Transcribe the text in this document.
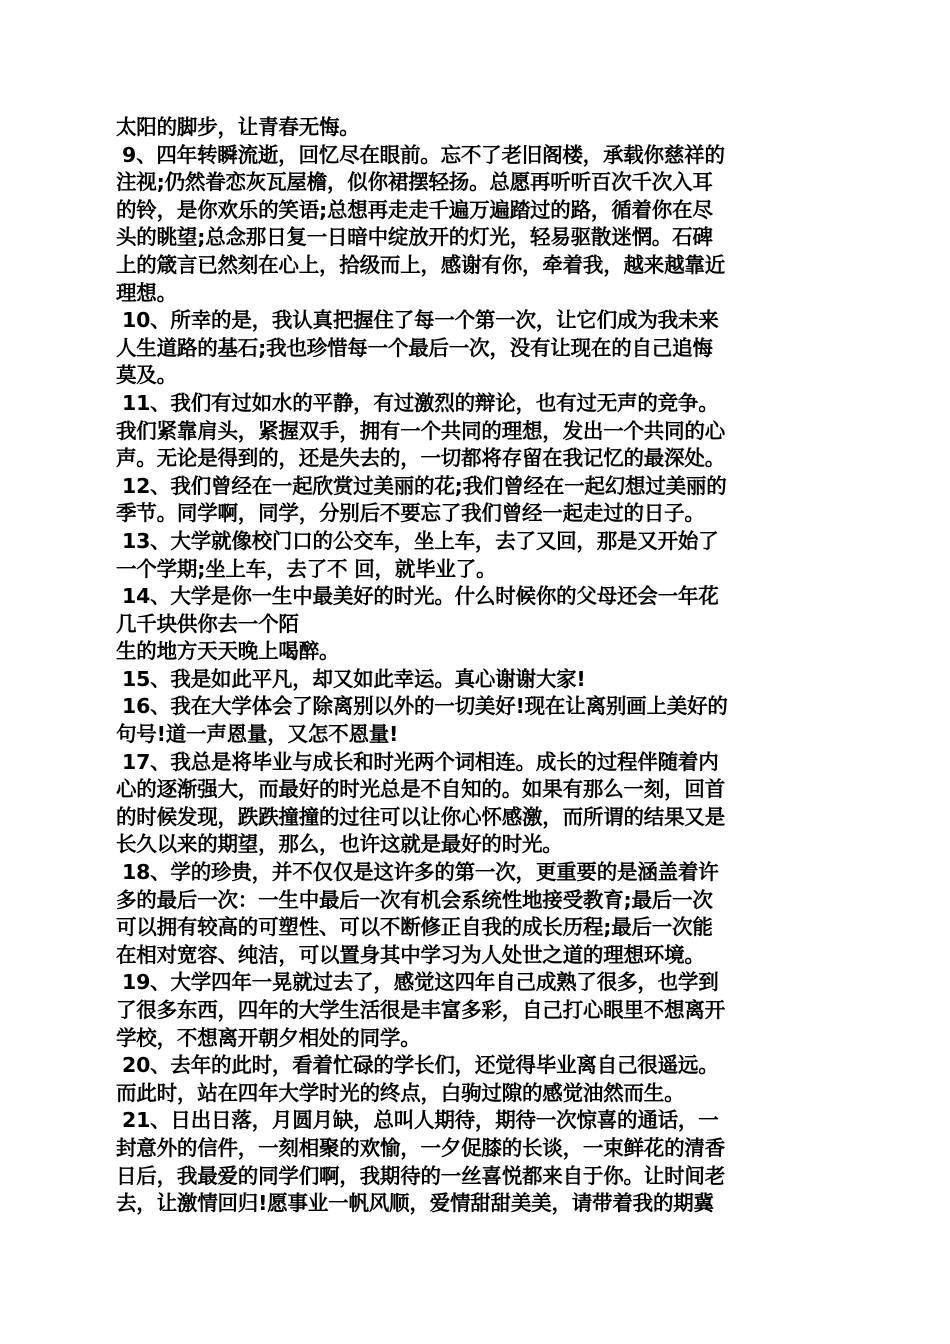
太阳的脚步，让青春无悔。
9、四年转瞬流逝，回忆尽在眼前。忘不了老旧阁楼，承载你慈祥的
注视;仍然眷恋灰瓦屋檐，似你裙摆轻扬。总愿再听听百次千次入耳
的铃，是你欢乐的笑语;总想再走走千遍万遍踏过的路，循着你在尽
头的眺望;总念那日复一日暗中绽放开的灯光，轻易驱散迷惘。石碑
上的箴言已然刻在心上，拾级而上，感谢有你，牵着我，越来越靠近
理想。
10、所幸的是，我认真把握住了每一个第一次，让它们成为我未来
人生道路的基石;我也珍惜每一个最后一次，没有让现在的自己追悔
莫及。
11、我们有过如水的平静，有过激烈的辩论，也有过无声的竞争。
我们紧靠肩头，紧握双手，拥有一个共同的理想，发出一个共同的心
声。无论是得到的，还是失去的，一切都将存留在我记忆的最深处。
12、我们曾经在一起欣赏过美丽的花;我们曾经在一起幻想过美丽的
季节。同学啊，同学，分别后不要忘了我们曾经一起走过的日子。
13、大学就像校门口的公交车，坐上车，去了又回，那是又开始了
一个学期;坐上车，去了不 回，就毕业了。
14、大学是你一生中最美好的时光。什么时候你的父母还会一年花
几千块供你去一个陌
生的地方天天晚上喝醉。
15、我是如此平凡，却又如此幸运。真心谢谢大家!
16、我在大学体会了除离别以外的一切美好!现在让离别画上美好的
句号!道一声恩量，又怎不恩量!
17、我总是将毕业与成长和时光两个词相连。成长的过程伴随着内
心的逐渐强大，而最好的时光总是不自知的。如果有那么一刻，回首
的时候发现，跌跌撞撞的过往可以让你心怀感激，而所谓的结果又是
长久以来的期望，那么，也许这就是最好的时光。
18、学的珍贵，并不仅仅是这许多的第一次，更重要的是涵盖着许
多的最后一次：一生中最后一次有机会系统性地接受教育;最后一次
可以拥有较高的可塑性、可以不断修正自我的成长历程;最后一次能
在相对宽容、纯洁，可以置身其中学习为人处世之道的理想环境。
19、大学四年一晃就过去了，感觉这四年自己成熟了很多，也学到
了很多东西，四年的大学生活很是丰富多彩，自己打心眼里不想离开
学校，不想离开朝夕相处的同学。
20、去年的此时，看着忙碌的学长们，还觉得毕业离自己很遥远。
而此时，站在四年大学时光的终点，白驹过隙的感觉油然而生。
21、日出日落，月圆月缺，总叫人期待，期待一次惊喜的通话，一
封意外的信件，一刻相聚的欢愉，一夕促膝的长谈，一束鲜花的清香
日后，我最爱的同学们啊，我期待的一丝喜悦都来自于你。让时间老
去，让激情回归!愿事业一帆风顺，爱情甜甜美美，请带着我的期冀
